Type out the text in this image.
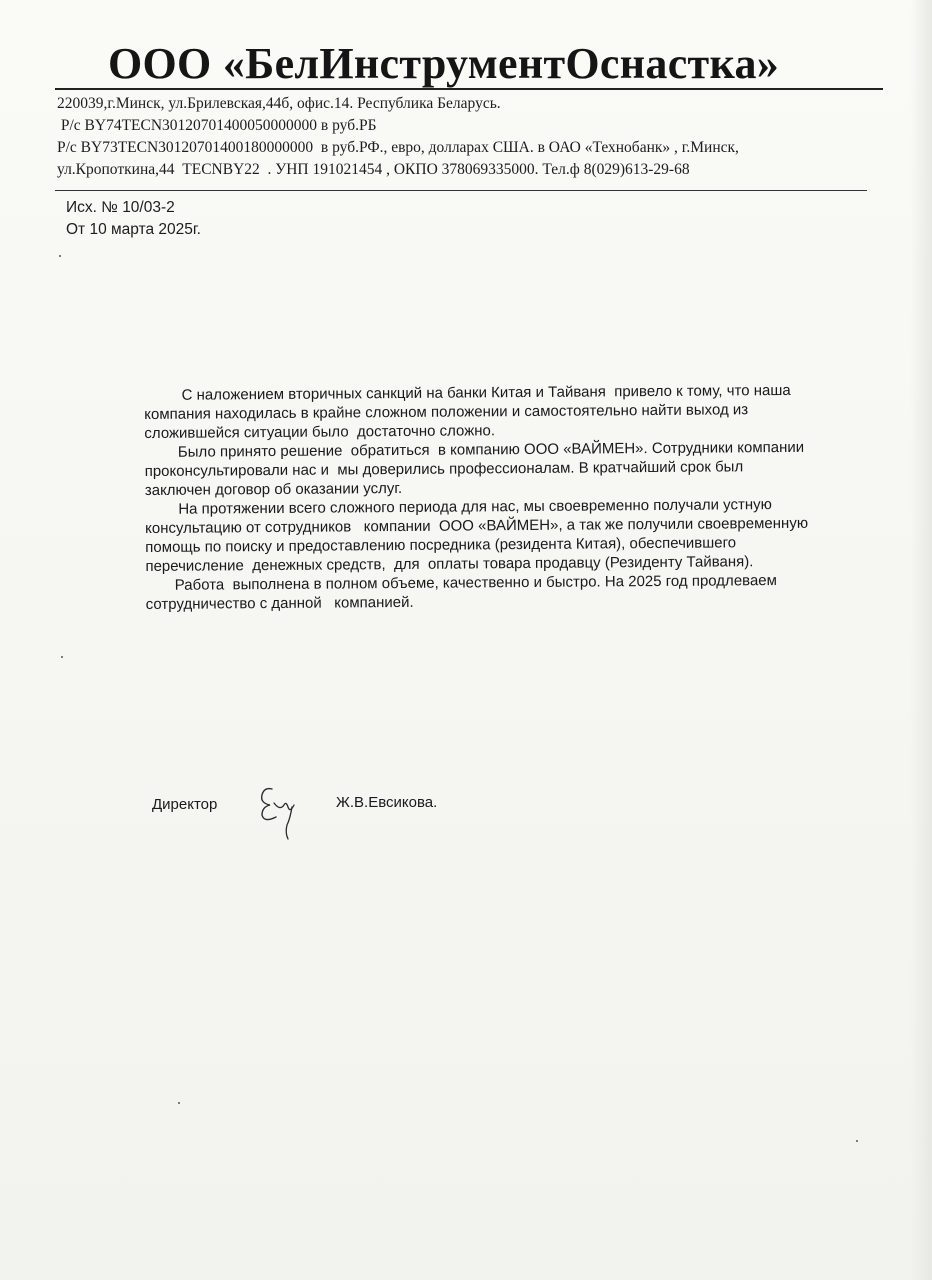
ООО «БелИнструментОснастка»
220039,г.Минск, ул.Брилевская,44б, офис.14. Республика Беларусь.
Р/с BY74TECN30120701400050000000 в руб.РБ
Р/с BY73TECN30120701400180000000  в руб.РФ., евро, долларах США. в ОАО «Технобанк» , г.Минск,
ул.Кропоткина,44  TECNBY22  . УНП 191021454 , ОКПО 378069335000. Тел.ф 8(029)613-29-68
Исх. № 10/03-2
От 10 марта 2025г.
С наложением вторичных санкций на банки Китая и Тайваня  привело к тому, что наша
компания находилась в крайне сложном положении и самостоятельно найти выход из
сложившейся ситуации было  достаточно сложно.
Было принято решение  обратиться  в компанию ООО «ВАЙМЕН». Сотрудники компании
проконсультировали нас и  мы доверились профессионалам. В кратчайший срок был
заключен договор об оказании услуг.
На протяжении всего сложного периода для нас, мы своевременно получали устную
консультацию от сотрудников   компании  ООО «ВАЙМЕН», а так же получили своевременную
помощь по поиску и предоставлению посредника (резидента Китая), обеспечившего
перечисление  денежных средств,  для  оплаты товара продавцу (Резиденту Тайваня).
Работа  выполнена в полном объеме, качественно и быстро. На 2025 год продлеваем
сотрудничество с данной   компанией.
Директор	Ж.В.Евсикова.
